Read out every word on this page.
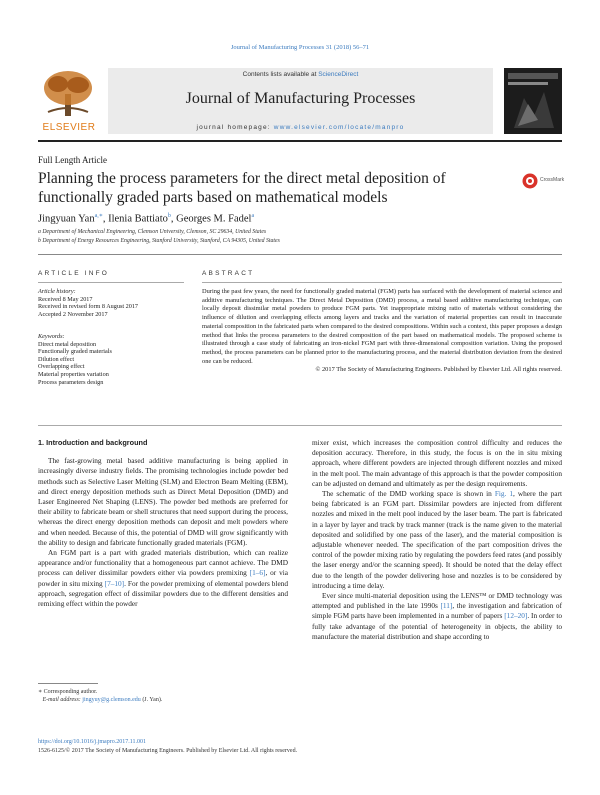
Journal of Manufacturing Processes 31 (2018) 56–71
ELSEVIER
Contents lists available at ScienceDirect
Journal of Manufacturing Processes
journal homepage: www.elsevier.com/locate/manpro
Full Length Article
Planning the process parameters for the direct metal deposition of functionally graded parts based on mathematical models
CrossMark
Jingyuan Yan$^{a,∗}$, Ilenia Battiato$^b$, Georges M. Fadel$^a$
a Department of Mechanical Engineering, Clemson University, Clemson, SC 29634, United States
b Department of Energy Resources Engineering, Stanford University, Stanford, CA 94305, United States
ARTICLE INFO	ABSTRACT
Article history:
Received 8 May 2017
Received in revised form 8 August 2017
Accepted 2 November 2017
Keywords:
Direct metal deposition
Functionally graded materials
Dilution effect
Overlapping effect
Material properties variation
Process parameters design
During the past few years, the need for functionally graded material (FGM) parts has surfaced with the development of material science and additive manufacturing techniques. The Direct Metal Deposition (DMD) process, a metal based additive manufacturing technique, can locally deposit dissimilar metal powders to produce FGM parts. Yet inappropriate mixing ratio of materials without considering the influence of dilution and overlapping effects among layers and tracks and the variation of material properties can result in inaccurate material composition in the fabricated parts when compared to the desired compositions. Within such a context, this paper proposes a design method that links the process parameters to the desired composition of the part based on mathematical models. The proposed scheme is illustrated through a case study of fabricating an iron-nickel FGM part with three-dimensional composition variation. Using the proposed method, the process parameters can be planned prior to the manufacturing process, and the material distribution deviation from the desired one can be reduced.
© 2017 The Society of Manufacturing Engineers. Published by Elsevier Ltd. All rights reserved.

1. Introduction and background

The fast-growing metal based additive manufacturing is being applied in increasingly diverse industry fields. The promising technologies include powder bed methods such as Selective Laser Melting (SLM) and Electron Beam Melting (EBM), and direct energy deposition methods such as Direct Metal Deposition (DMD) and Laser Engineered Net Shaping (LENS). The powder bed methods are preferred for their ability to fabricate beam or shell structures that need support during the process, whereas the direct energy deposition methods can deposit and melt powders where and when needed. Because of this, the potential of DMD will grow significantly with the ability to design and fabricate functionally graded materials (FGM).

An FGM part is a part with graded materials distribution, which can realize appearance and/or functionality that a homogeneous part cannot achieve. The DMD process can deliver dissimilar powders either via powders premixing [1–6], or via powder in situ mixing [7–10]. For the powder premixing of elemental powders blend approach, segregation effect of dissimilar powders due to the different densities and remixing effect within the powder

mixer exist, which increases the composition control difficulty and reduces the deposition accuracy. Therefore, in this study, the focus is on the in situ mixing approach, where different powders are injected through different nozzles and mixed in the melt pool. The main advantage of this approach is that the powder composition can be adjusted on demand and ultimately as per the design requirements.

The schematic of the DMD working space is shown in Fig. 1, where the part being fabricated is an FGM part. Dissimilar powders are injected from different nozzles and mixed in the melt pool induced by the laser beam. The part is fabricated in a layer by layer and track by track manner (track is the name given to the material deposited and solidified by one pass of the laser), and the material composition is adjustable whenever needed. The specification of the part composition drives the control of the powder mixing ratio by regulating the powders feed rates (and possibly the laser energy and/or the scanning speed). It should be noted that the delay effect due to the length of the powder delivering hose and nozzles is to be considered by introducing a time delay.

Ever since multi-material deposition using the LENS™ or DMD technology was attempted and published in the late 1990s [11], the investigation and fabrication of simple FGM parts have been implemented in a number of papers [12–20]. In order to fully take advantage of the potential of heterogeneity in objects, the ability to manufacture the material distribution and shape according to

∗ Corresponding author.
E-mail address: jingyuy@g.clemson.edu (J. Yan).
https://doi.org/10.1016/j.jmapro.2017.11.001
1526-6125/© 2017 The Society of Manufacturing Engineers. Published by Elsevier Ltd. All rights reserved.
